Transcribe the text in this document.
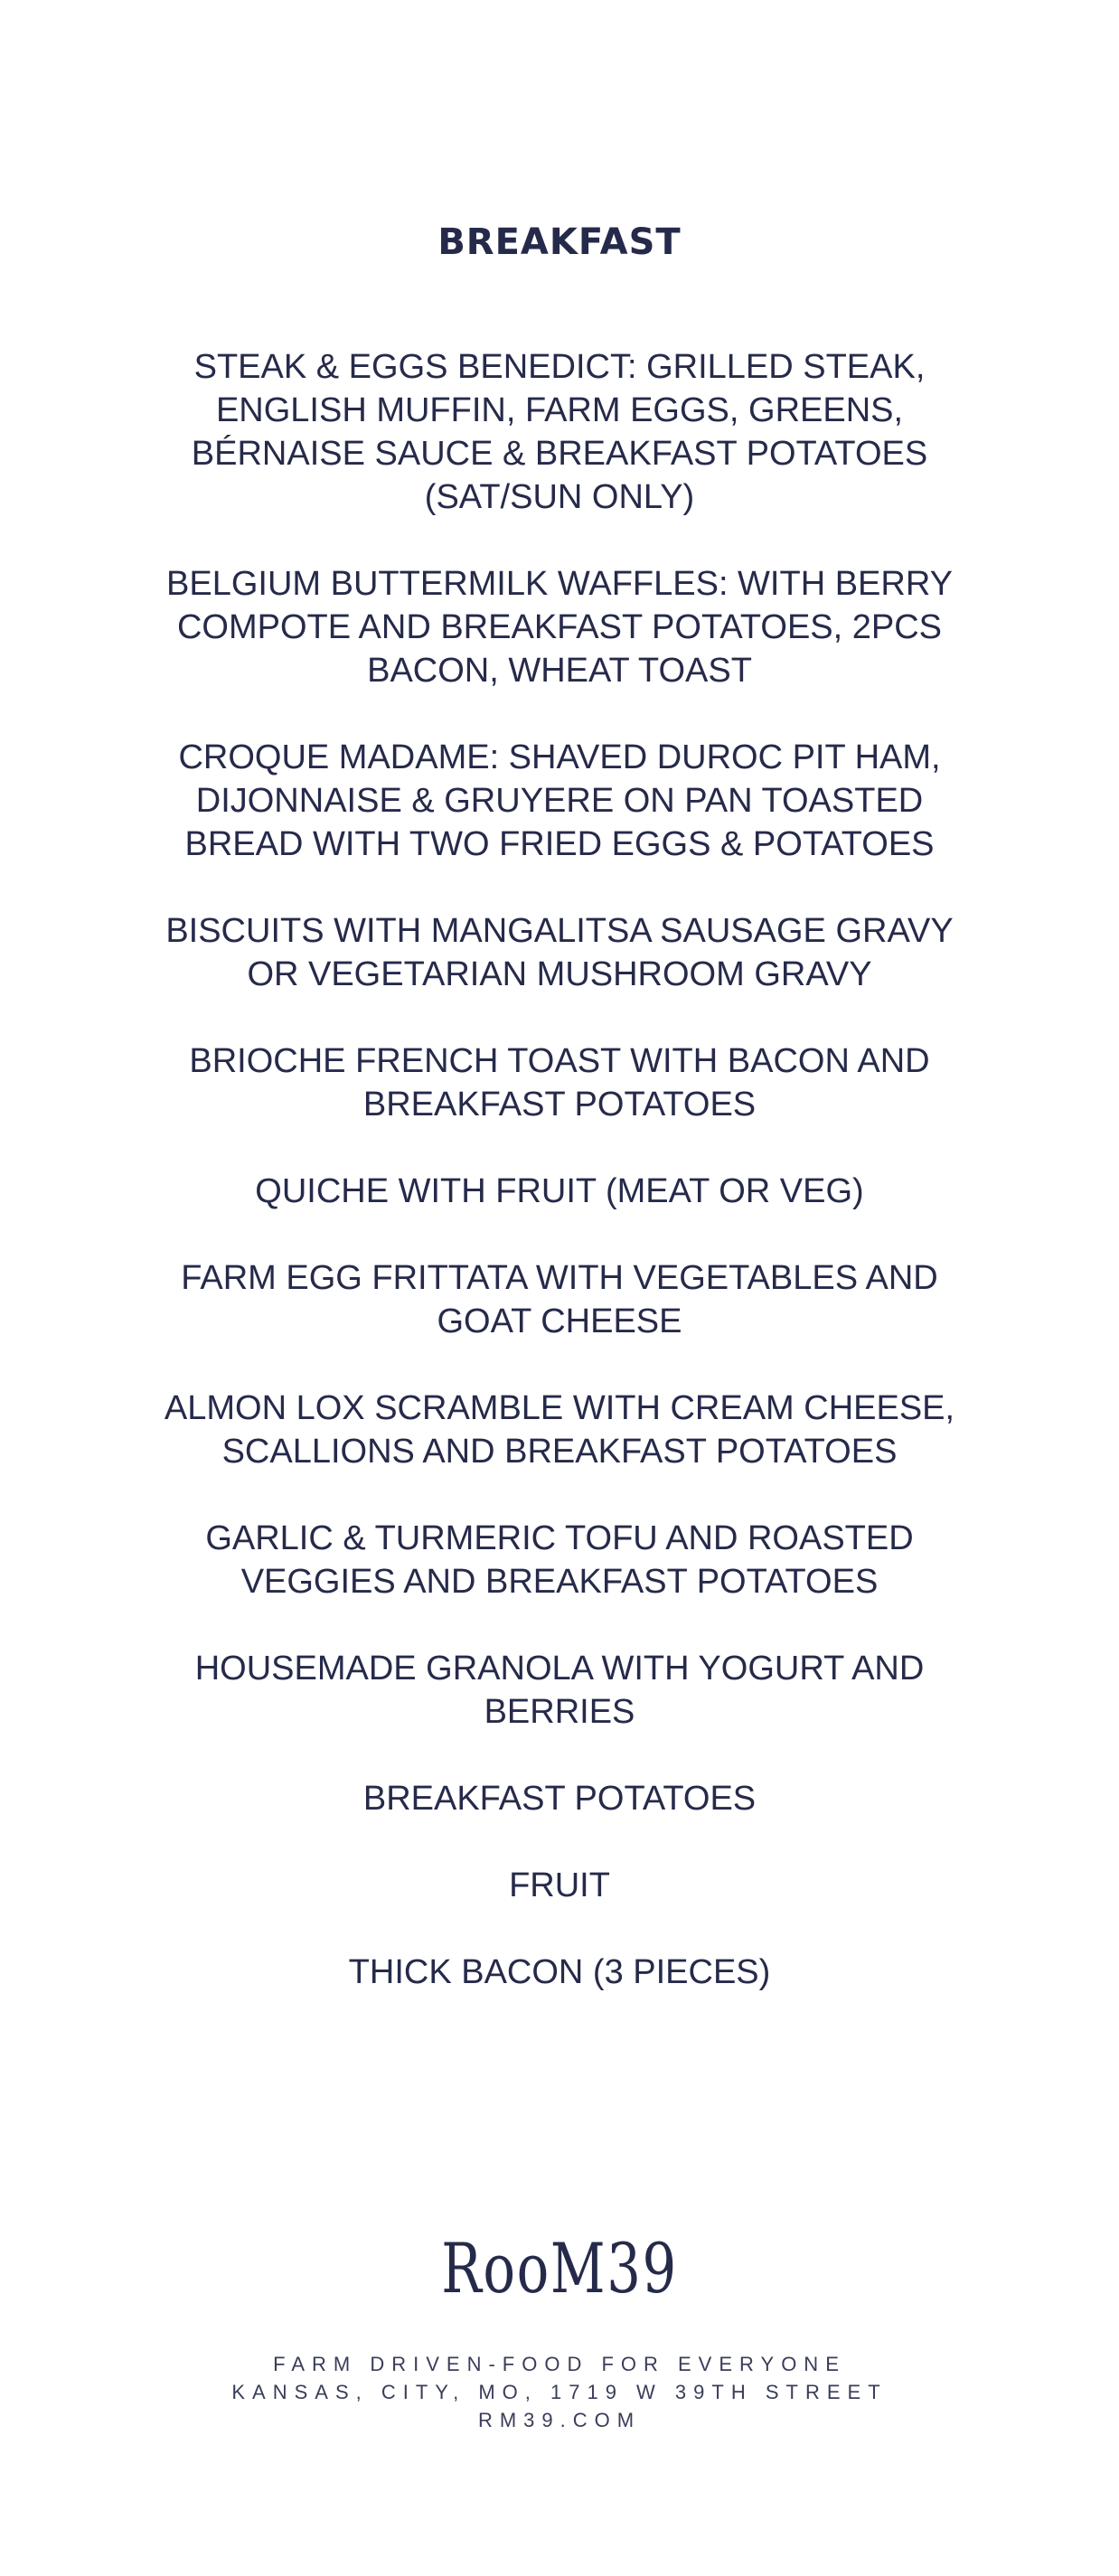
BREAKFAST
STEAK & EGGS BENEDICT: GRILLED STEAK, ENGLISH MUFFIN, FARM EGGS, GREENS, BÉRNAISE SAUCE & BREAKFAST POTATOES (SAT/SUN ONLY)
BELGIUM BUTTERMILK WAFFLES: WITH BERRY COMPOTE AND BREAKFAST POTATOES, 2PCS BACON, WHEAT TOAST
CROQUE MADAME: SHAVED DUROC PIT HAM, DIJONNAISE & GRUYERE ON PAN TOASTED BREAD WITH TWO FRIED EGGS & POTATOES
BISCUITS WITH MANGALITSA SAUSAGE GRAVY OR VEGETARIAN MUSHROOM GRAVY
BRIOCHE FRENCH TOAST WITH BACON AND BREAKFAST POTATOES
QUICHE WITH FRUIT (MEAT OR VEG)
FARM EGG FRITTATA WITH VEGETABLES AND GOAT CHEESE
ALMON LOX SCRAMBLE WITH CREAM CHEESE, SCALLIONS AND BREAKFAST POTATOES
GARLIC & TURMERIC TOFU AND ROASTED VEGGIES AND BREAKFAST POTATOES
HOUSEMADE GRANOLA WITH YOGURT AND BERRIES
BREAKFAST POTATOES
FRUIT
THICK BACON (3 PIECES)
RooM39
FARM DRIVEN-FOOD FOR EVERYONE
KANSAS, CITY, MO, 1719 W 39TH STREET
RM39.COM
